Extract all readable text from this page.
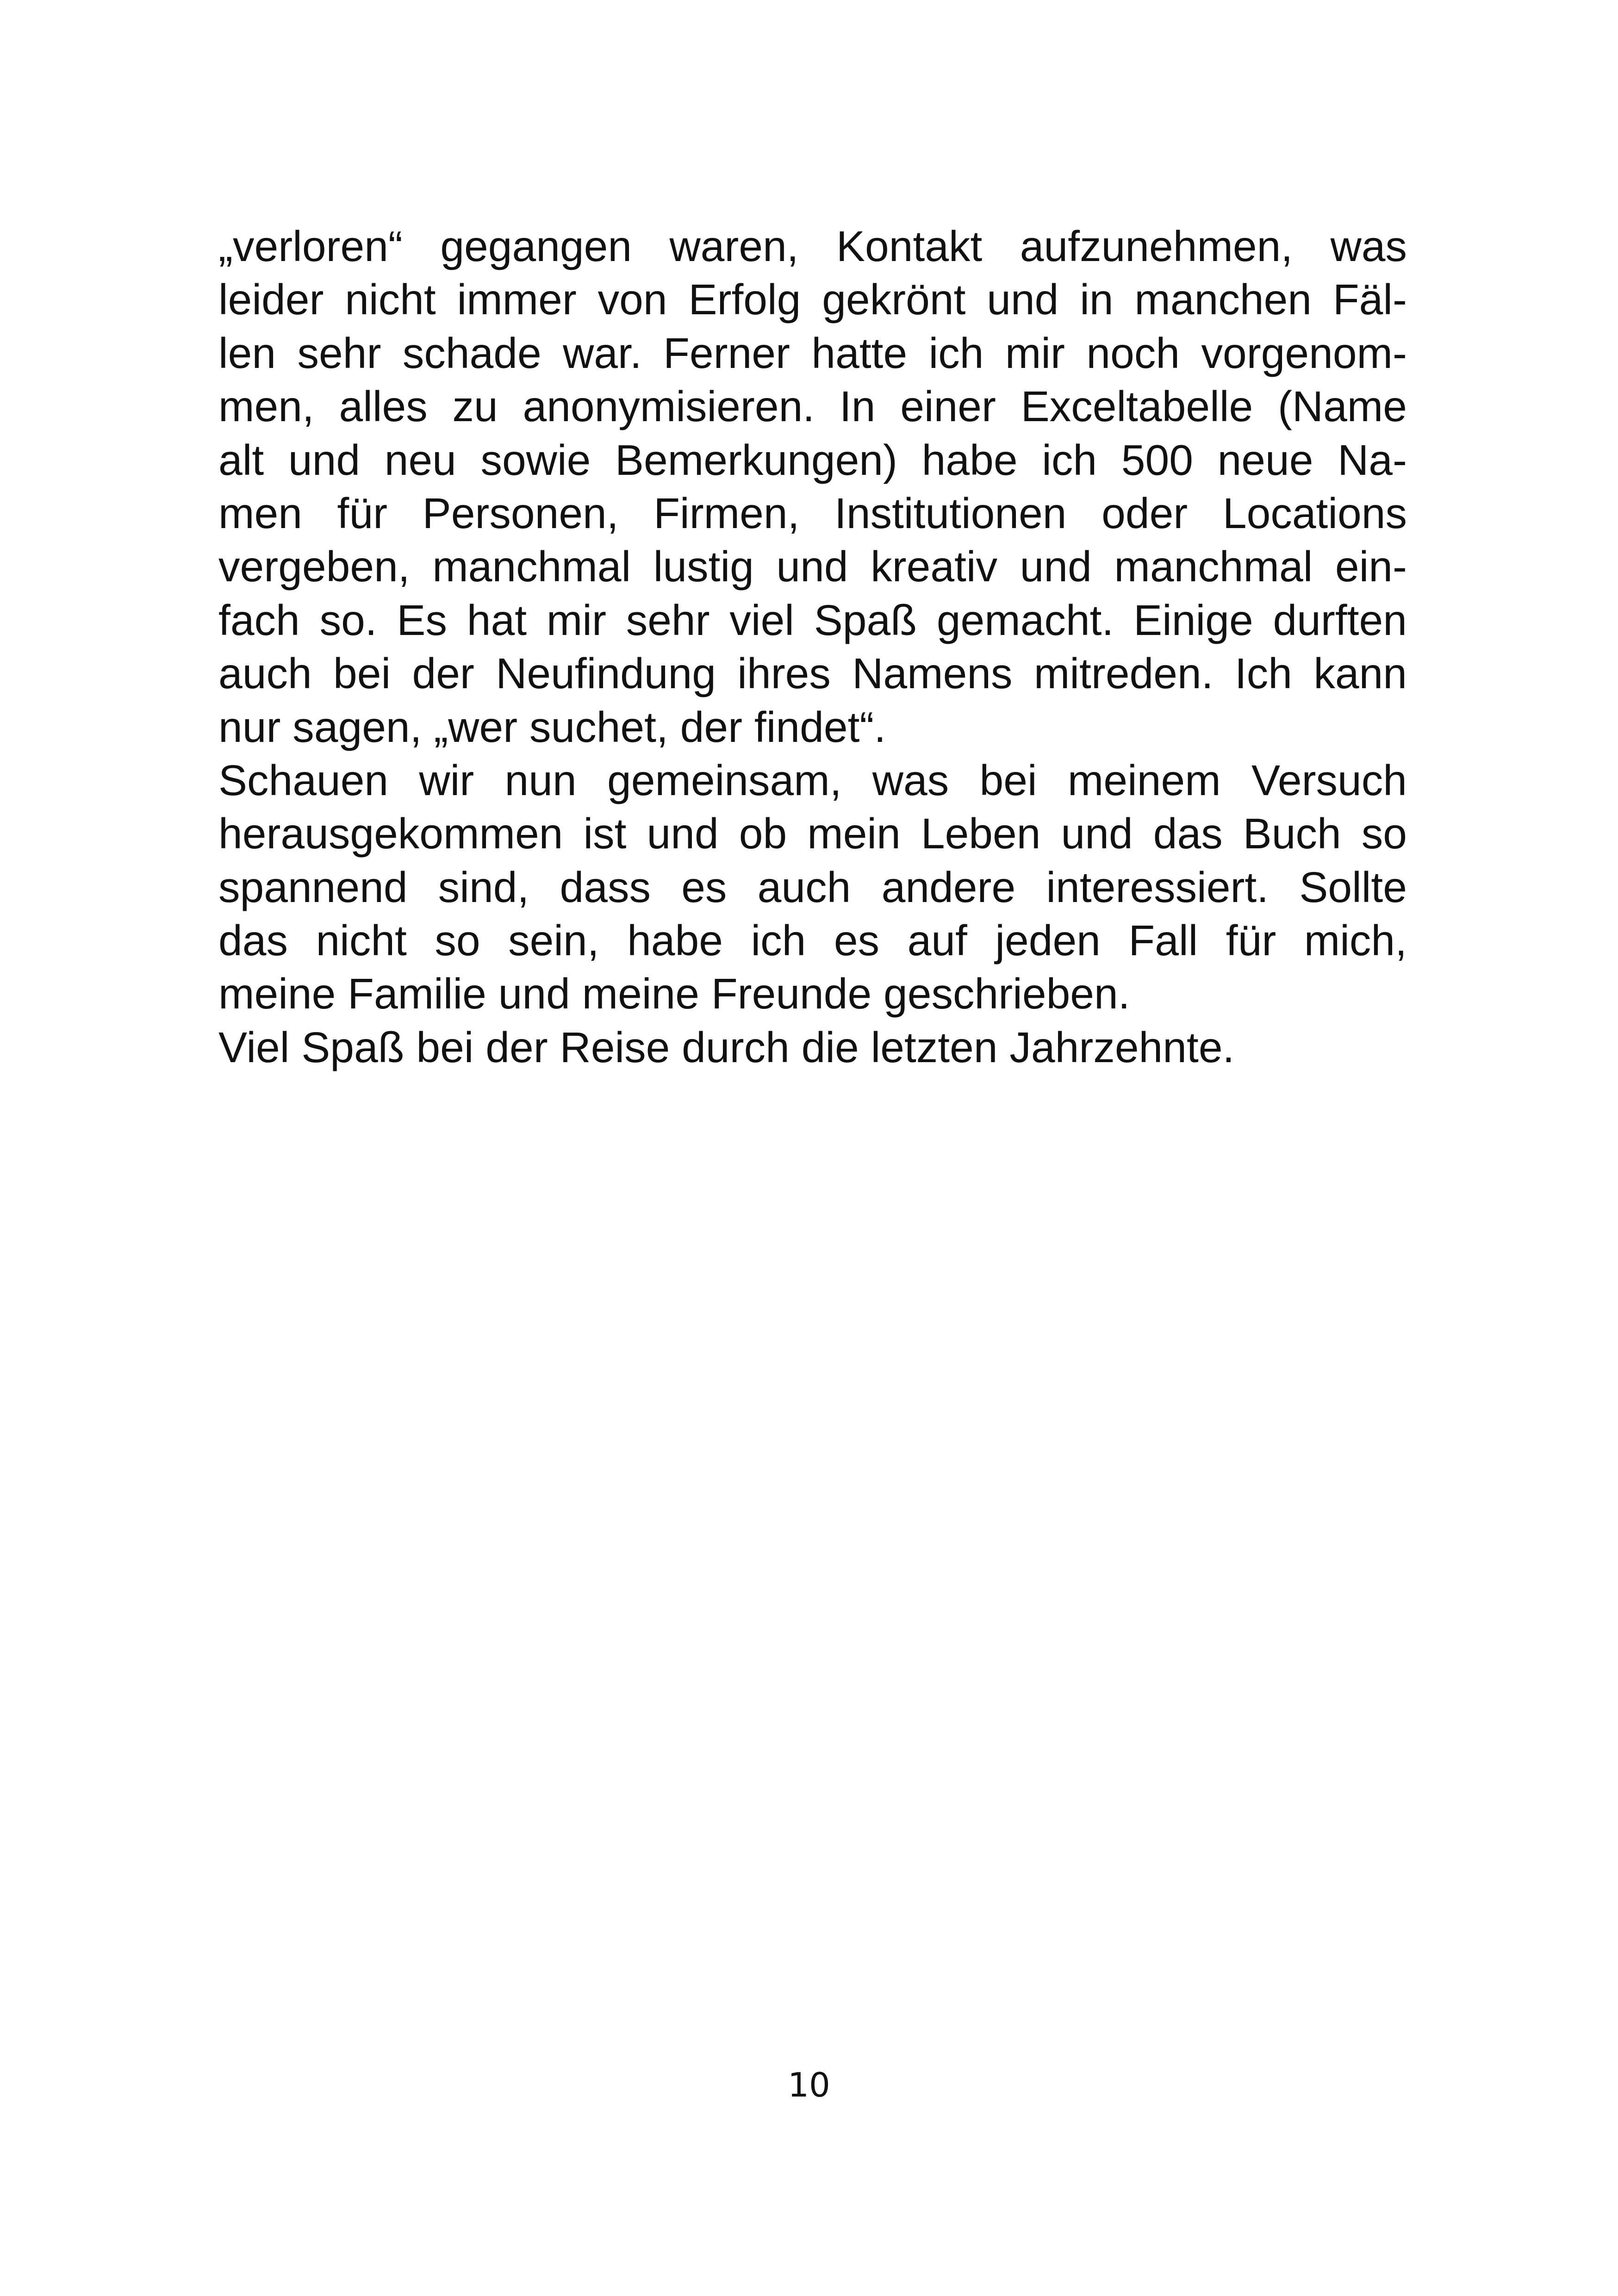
„verloren“ gegangen waren, Kontakt aufzunehmen, was
leider nicht immer von Erfolg gekrönt und in manchen Fäl-
len sehr schade war. Ferner hatte ich mir noch vorgenom-
men, alles zu anonymisieren. In einer Exceltabelle (Name
alt und neu sowie Bemerkungen) habe ich 500 neue Na-
men für Personen, Firmen, Institutionen oder Locations
vergeben, manchmal lustig und kreativ und manchmal ein-
fach so. Es hat mir sehr viel Spaß gemacht. Einige durften
auch bei der Neufindung ihres Namens mitreden. Ich kann
nur sagen, „wer suchet, der findet“.
Schauen wir nun gemeinsam, was bei meinem Versuch
herausgekommen ist und ob mein Leben und das Buch so
spannend sind, dass es auch andere interessiert. Sollte
das nicht so sein, habe ich es auf jeden Fall für mich,
meine Familie und meine Freunde geschrieben.
Viel Spaß bei der Reise durch die letzten Jahrzehnte.
10
